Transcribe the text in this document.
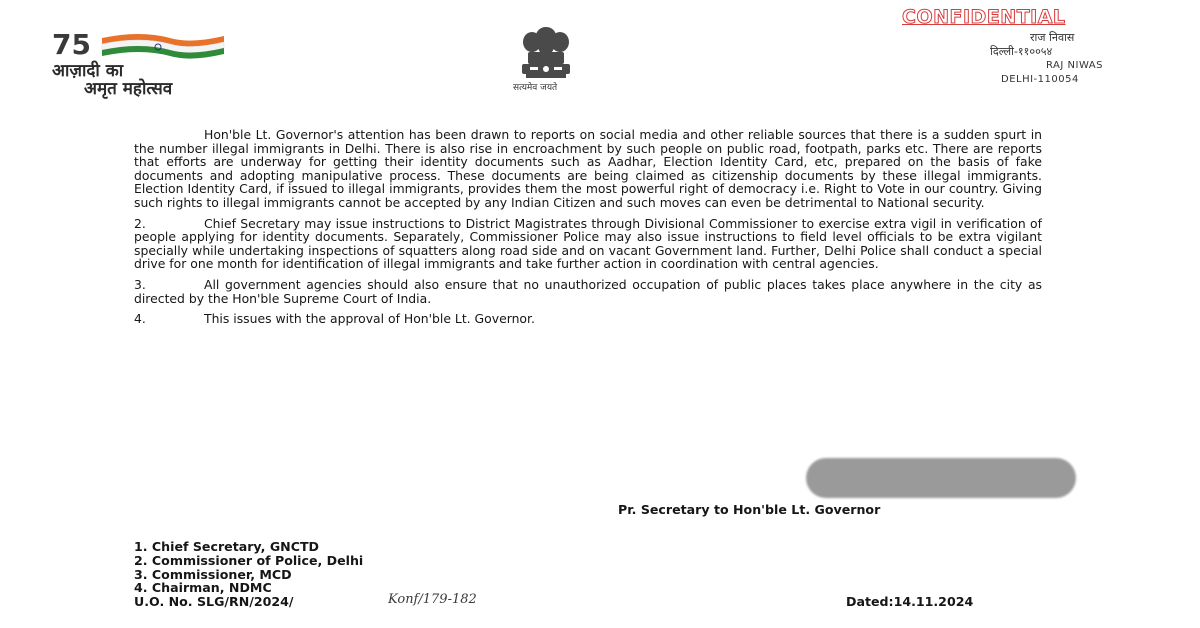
75
आज़ादी का
अमृत महोत्सव	सत्यमेव जयते
CONFIDENTIAL
राज निवास
दिल्ली-११००५४
RAJ NIWAS
DELHI-110054

Hon'ble Lt. Governor's attention has been drawn to reports on social media and other reliable sources that there is a sudden spurt in the number illegal immigrants in Delhi. There is also rise in encroachment by such people on public road, footpath, parks etc. There are reports that efforts are underway for getting their identity documents such as Aadhar, Election Identity Card, etc, prepared on the basis of fake documents and adopting manipulative process. These documents are being claimed as citizenship documents by these illegal immigrants. Election Identity Card, if issued to illegal immigrants, provides them the most powerful right of democracy i.e. Right to Vote in our country. Giving such rights to illegal immigrants cannot be accepted by any Indian Citizen and such moves can even be detrimental to National security.

2.	Chief Secretary may issue instructions to District Magistrates through Divisional Commissioner to exercise extra vigil in verification of people applying for identity documents. Separately, Commissioner Police may also issue instructions to field level officials to be extra vigilant specially while undertaking inspections of squatters along road side and on vacant Government land. Further, Delhi Police shall conduct a special drive for one month for identification of illegal immigrants and take further action in coordination with central agencies.

3.	All government agencies should also ensure that no unauthorized occupation of public places takes place anywhere in the city as directed by the Hon'ble Supreme Court of India.

4.	This issues with the approval of Hon'ble Lt. Governor.

Pr. Secretary to Hon'ble Lt. Governor
1. Chief Secretary, GNCTD
2. Commissioner of Police, Delhi
3. Commissioner, MCD
4. Chairman, NDMC
U.O. No. SLG/RN/2024/	Konf/179-182	Dated:14.11.2024
